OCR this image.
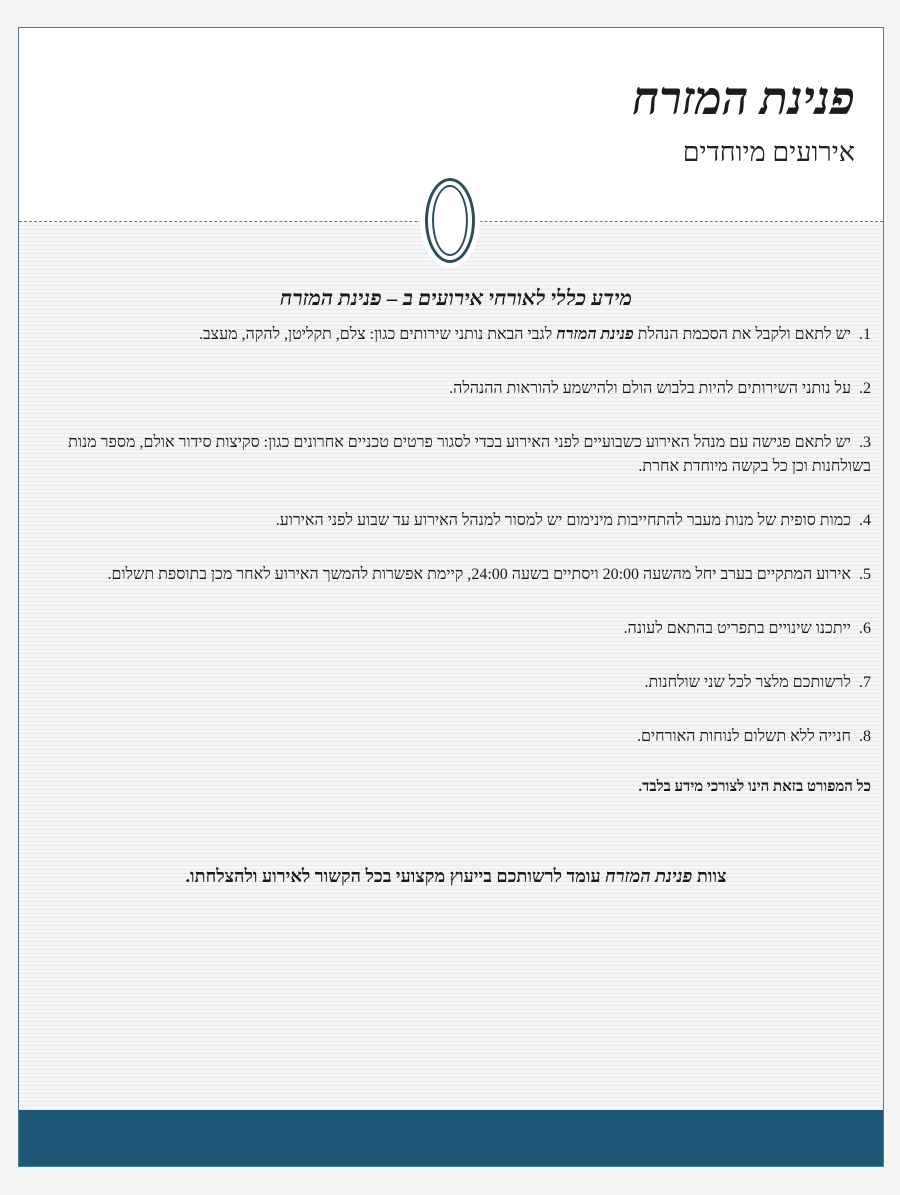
פנינת המזרח
אירועים מיוחדים
מידע כללי לאורחי אירועים ב – פנינת המזרח
1. יש לתאם ולקבל את הסכמת הנהלת פנינת המזרח לגבי הבאת נותני שירותים כגון: צלם, תקליטן, להקה, מעצב.
2. על נותני השירותים להיות בלבוש הולם ולהישמע להוראות ההנהלה.
3. יש לתאם פגישה עם מנהל האירוע כשבועיים לפני האירוע בכדי לסגור פרטים טכניים אחרונים כגון: סקיצות סידור אולם, מספר מנות בשולחנות וכן כל בקשה מיוחדת אחרת.
4. כמות סופית של מנות מעבר להתחייבות מינימום יש למסור למנהל האירוע עד שבוע לפני האירוע.
5. אירוע המתקיים בערב יחל מהשעה 20:00 ויסתיים בשעה 24:00, קיימת אפשרות להמשך האירוע לאחר מכן בתוספת תשלום.
6. ייתכנו שינויים בתפריט בהתאם לעונה.
7. לרשותכם מלצר לכל שני שולחנות.
8. חנייה ללא תשלום לנוחות האורחים.

כל המפורט בזאת הינו לצורכי מידע בלבד.

צוות פנינת המזרח עומד לרשותכם בייעוץ מקצועי בכל הקשור לאירוע ולהצלחתו.
